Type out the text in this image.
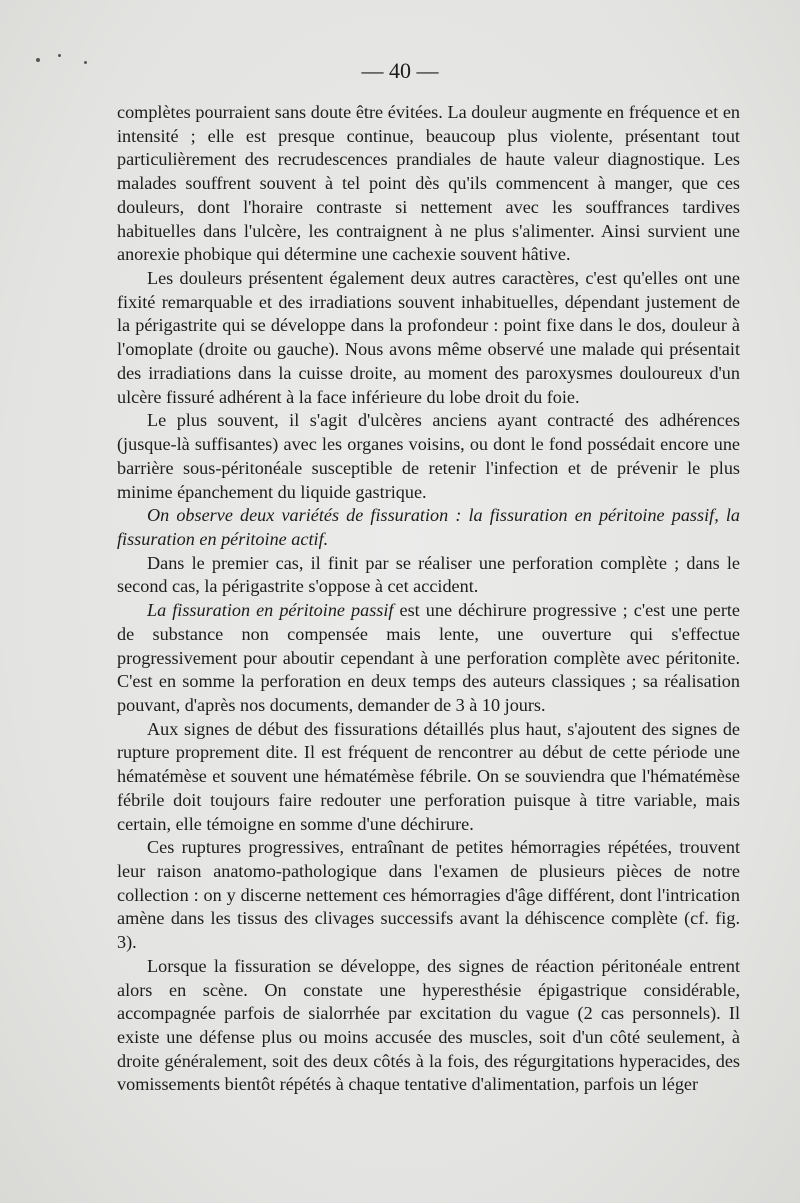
— 40 —

complètes pourraient sans doute être évitées. La douleur augmente en fréquence et en intensité ; elle est presque continue, beaucoup plus violente, présentant tout particulièrement des recrudescences prandiales de haute valeur diagnostique. Les malades souffrent souvent à tel point dès qu'ils commencent à manger, que ces douleurs, dont l'horaire contraste si nettement avec les souffrances tardives habituelles dans l'ulcère, les contraignent à ne plus s'alimenter. Ainsi survient une anorexie phobique qui détermine une cachexie souvent hâtive.

Les douleurs présentent également deux autres caractères, c'est qu'elles ont une fixité remarquable et des irradiations souvent inhabituelles, dépendant justement de la périgastrite qui se développe dans la profondeur : point fixe dans le dos, douleur à l'omoplate (droite ou gauche). Nous avons même observé une malade qui présentait des irradiations dans la cuisse droite, au moment des paroxysmes douloureux d'un ulcère fissuré adhérent à la face inférieure du lobe droit du foie.

Le plus souvent, il s'agit d'ulcères anciens ayant contracté des adhérences (jusque-là suffisantes) avec les organes voisins, ou dont le fond possédait encore une barrière sous-péritonéale susceptible de retenir l'infection et de prévenir le plus minime épanchement du liquide gastrique.

On observe deux variétés de fissuration : la fissuration en péritoine passif, la fissuration en péritoine actif.

Dans le premier cas, il finit par se réaliser une perforation complète ; dans le second cas, la périgastrite s'oppose à cet accident.

La fissuration en péritoine passif est une déchirure progressive ; c'est une perte de substance non compensée mais lente, une ouverture qui s'effectue progressivement pour aboutir cependant à une perforation complète avec péritonite. C'est en somme la perforation en deux temps des auteurs classiques ; sa réalisation pouvant, d'après nos documents, demander de 3 à 10 jours.

Aux signes de début des fissurations détaillés plus haut, s'ajoutent des signes de rupture proprement dite. Il est fréquent de rencontrer au début de cette période une hématémèse et souvent une hématémèse fébrile. On se souviendra que l'hématémèse fébrile doit toujours faire redouter une perforation puisque à titre variable, mais certain, elle témoigne en somme d'une déchirure.

Ces ruptures progressives, entraînant de petites hémorragies répétées, trouvent leur raison anatomo-pathologique dans l'examen de plusieurs pièces de notre collection : on y discerne nettement ces hémorragies d'âge différent, dont l'intrication amène dans les tissus des clivages successifs avant la déhiscence complète (cf. fig. 3).

Lorsque la fissuration se développe, des signes de réaction péritonéale entrent alors en scène. On constate une hyperesthésie épigastrique considérable, accompagnée parfois de sialorrhée par excitation du vague (2 cas personnels). Il existe une défense plus ou moins accusée des muscles, soit d'un côté seulement, à droite généralement, soit des deux côtés à la fois, des régurgitations hyperacides, des vomissements bientôt répétés à chaque tentative d'alimentation, parfois un léger
